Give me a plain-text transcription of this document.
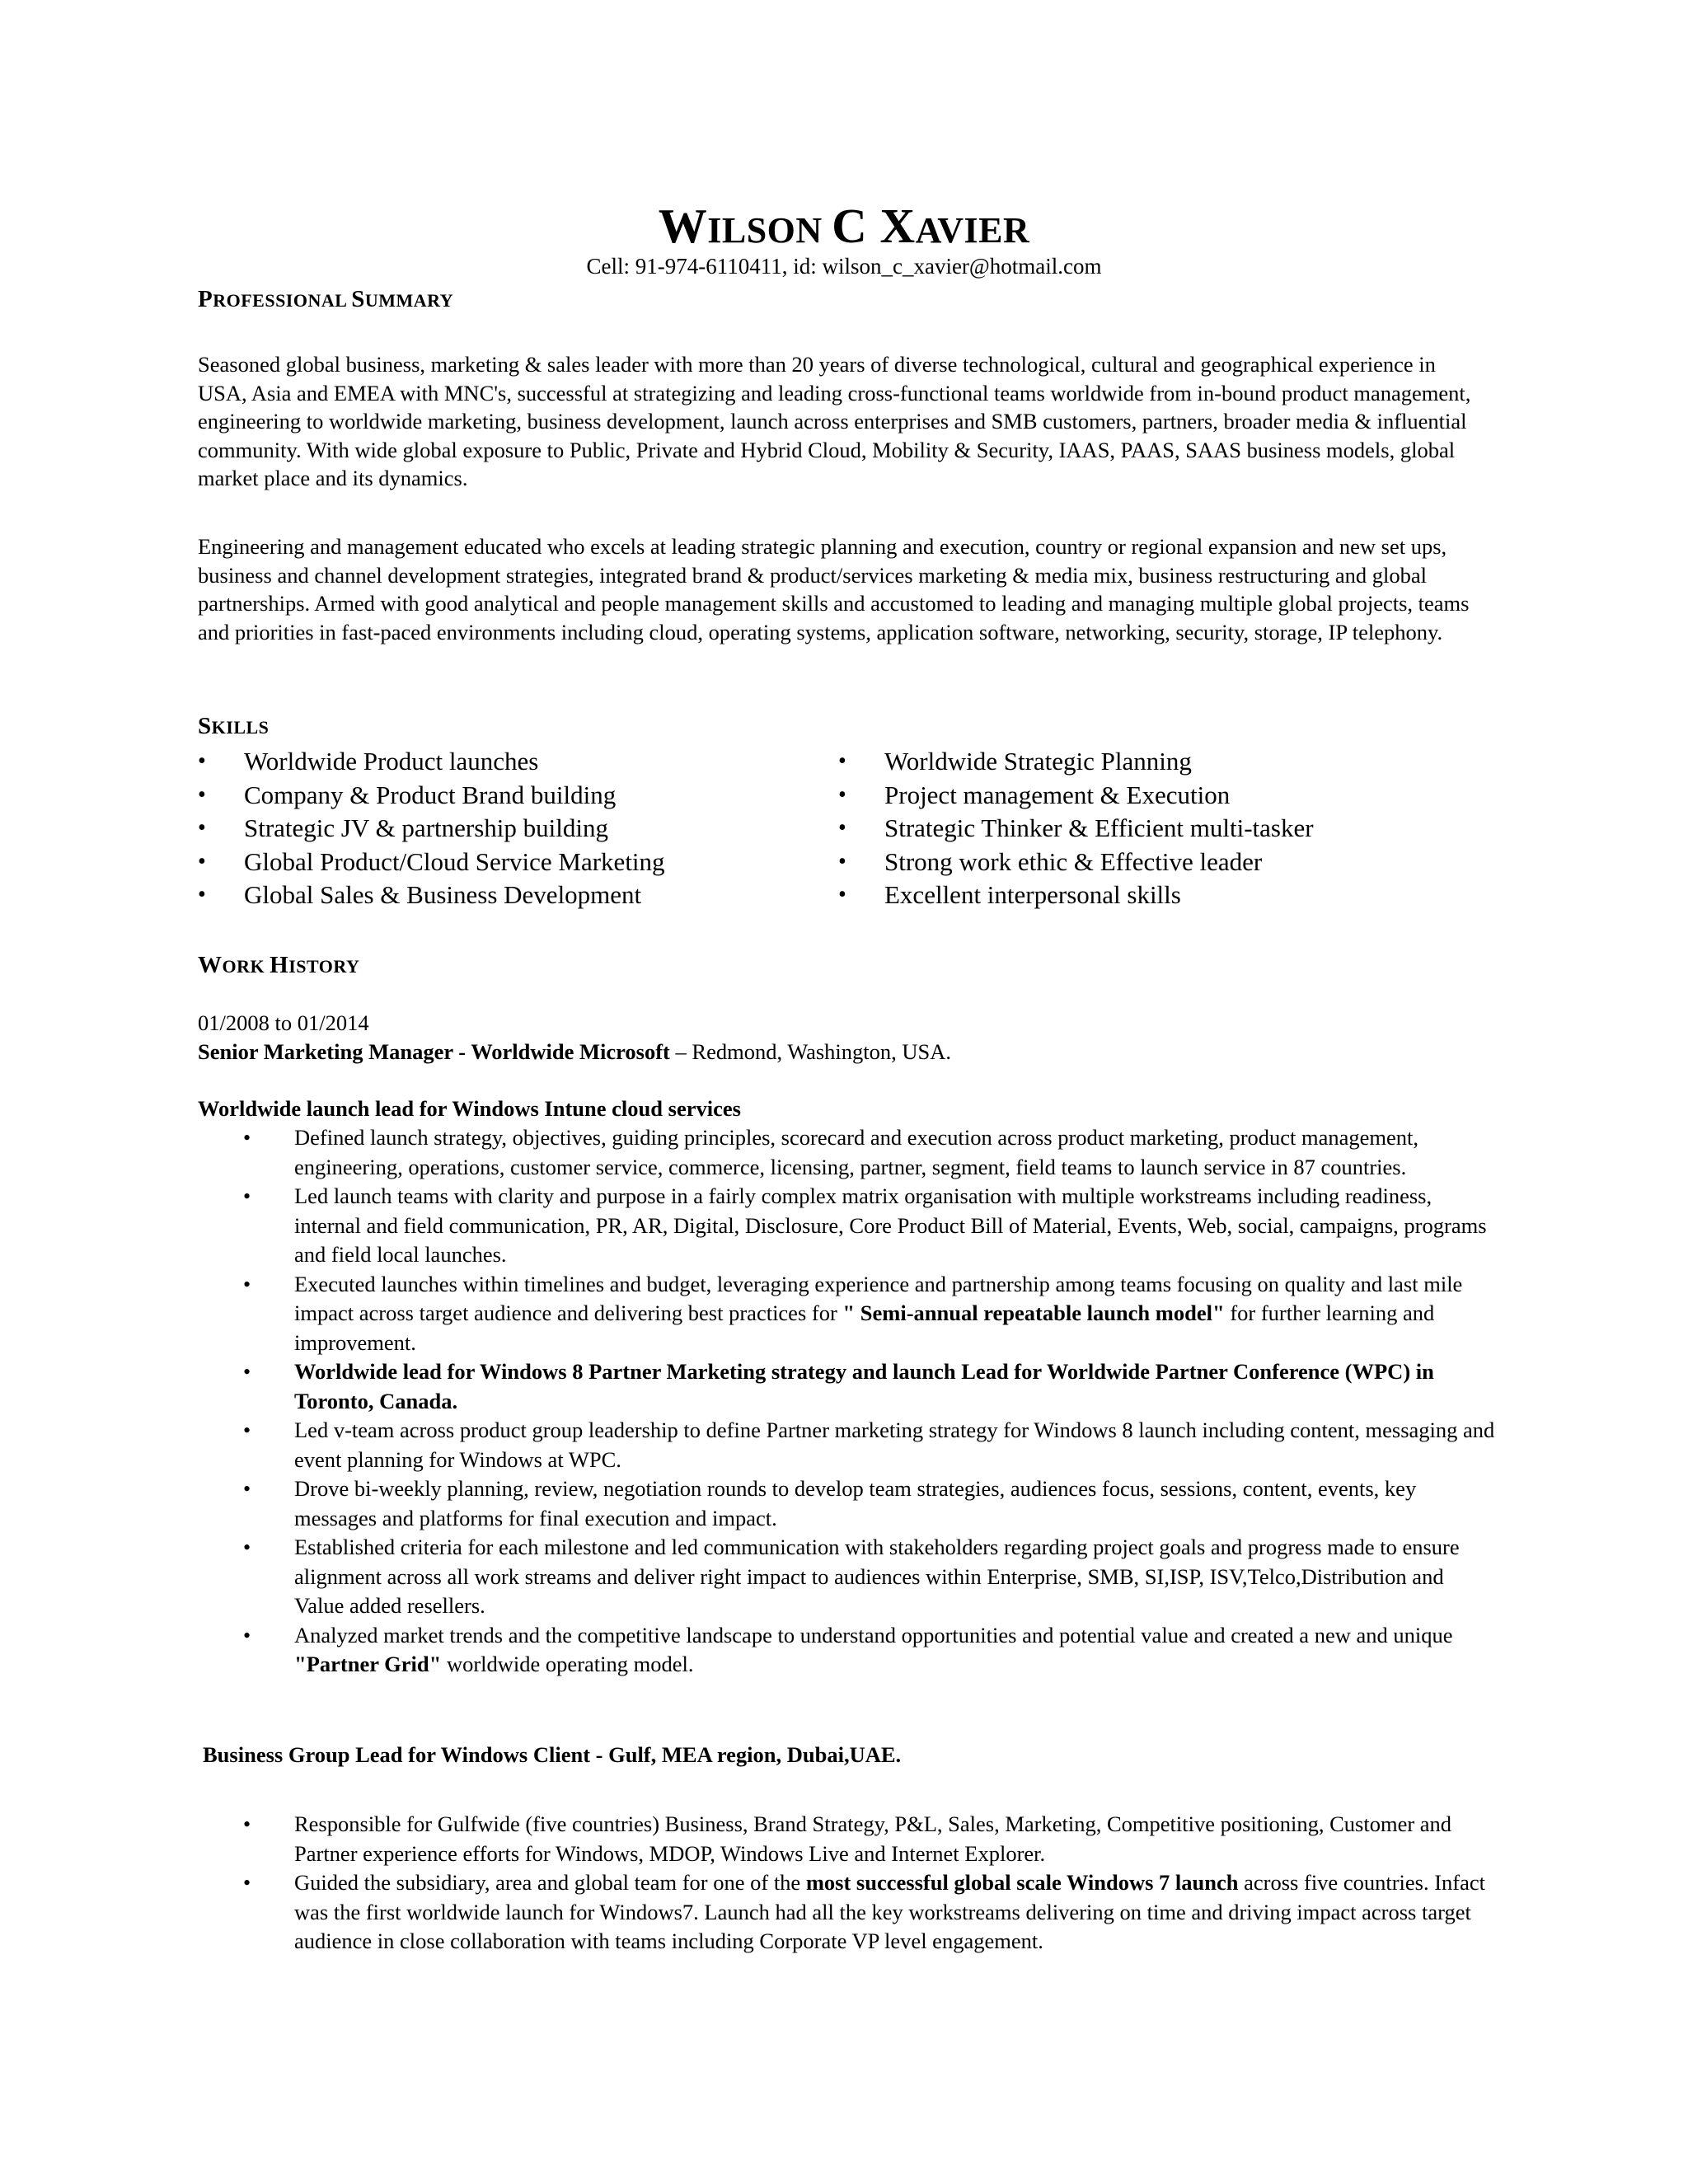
WILSON C XAVIER
Cell: 91-974-6110411, id: wilson_c_xavier@hotmail.com
PROFESSIONAL SUMMARY

Seasoned global business, marketing & sales leader with more than 20 years of diverse technological, cultural and geographical experience in USA, Asia and EMEA with MNC's, successful at strategizing and leading cross-functional teams worldwide from in-bound product management, engineering to worldwide marketing, business development, launch across enterprises and SMB customers, partners, broader media & influential community. With wide global exposure to Public, Private and Hybrid Cloud, Mobility & Security, IAAS, PAAS, SAAS business models, global market place and its dynamics.

Engineering and management educated who excels at leading strategic planning and execution, country or regional expansion and new set ups, business and channel development strategies, integrated brand & product/services marketing & media mix, business restructuring and global partnerships. Armed with good analytical and people management skills and accustomed to leading and managing multiple global projects, teams and priorities in fast-paced environments including cloud, operating systems, application software, networking, security, storage, IP telephony.

SKILLS
• Worldwide Product launches
• Company & Product Brand building
• Strategic JV & partnership building
• Global Product/Cloud Service Marketing
• Global Sales & Business Development
• Worldwide Strategic Planning
• Project management & Execution
• Strategic Thinker & Efficient multi-tasker
• Strong work ethic & Effective leader
• Excellent interpersonal skills
WORK HISTORY
01/2008 to 01/2014
Senior Marketing Manager - Worldwide Microsoft – Redmond, Washington, USA.
Worldwide launch lead for Windows Intune cloud services
• Defined launch strategy, objectives, guiding principles, scorecard and execution across product marketing, product management, engineering, operations, customer service, commerce, licensing, partner, segment, field teams to launch service in 87 countries.
• Led launch teams with clarity and purpose in a fairly complex matrix organisation with multiple workstreams including readiness, internal and field communication, PR, AR, Digital, Disclosure, Core Product Bill of Material, Events, Web, social, campaigns, programs and field local launches.
• Executed launches within timelines and budget, leveraging experience and partnership among teams focusing on quality and last mile impact across target audience and delivering best practices for " Semi-annual repeatable launch model" for further learning and improvement.
• Worldwide lead for Windows 8 Partner Marketing strategy and launch Lead for Worldwide Partner Conference (WPC) in Toronto, Canada.
• Led v-team across product group leadership to define Partner marketing strategy for Windows 8 launch including content, messaging and event planning for Windows at WPC.
• Drove bi-weekly planning, review, negotiation rounds to develop team strategies, audiences focus, sessions, content, events, key messages and platforms for final execution and impact.
• Established criteria for each milestone and led communication with stakeholders regarding project goals and progress made to ensure alignment across all work streams and deliver right impact to audiences within Enterprise, SMB, SI,ISP, ISV,Telco,Distribution and Value added resellers.
• Analyzed market trends and the competitive landscape to understand opportunities and potential value and created a new and unique "Partner Grid" worldwide operating model.
Business Group Lead for Windows Client - Gulf, MEA region, Dubai,UAE.
• Responsible for Gulfwide (five countries) Business, Brand Strategy, P&L, Sales, Marketing, Competitive positioning, Customer and Partner experience efforts for Windows, MDOP, Windows Live and Internet Explorer.
• Guided the subsidiary, area and global team for one of the most successful global scale Windows 7 launch across five countries. Infact was the first worldwide launch for Windows7. Launch had all the key workstreams delivering on time and driving impact across target audience in close collaboration with teams including Corporate VP level engagement.
